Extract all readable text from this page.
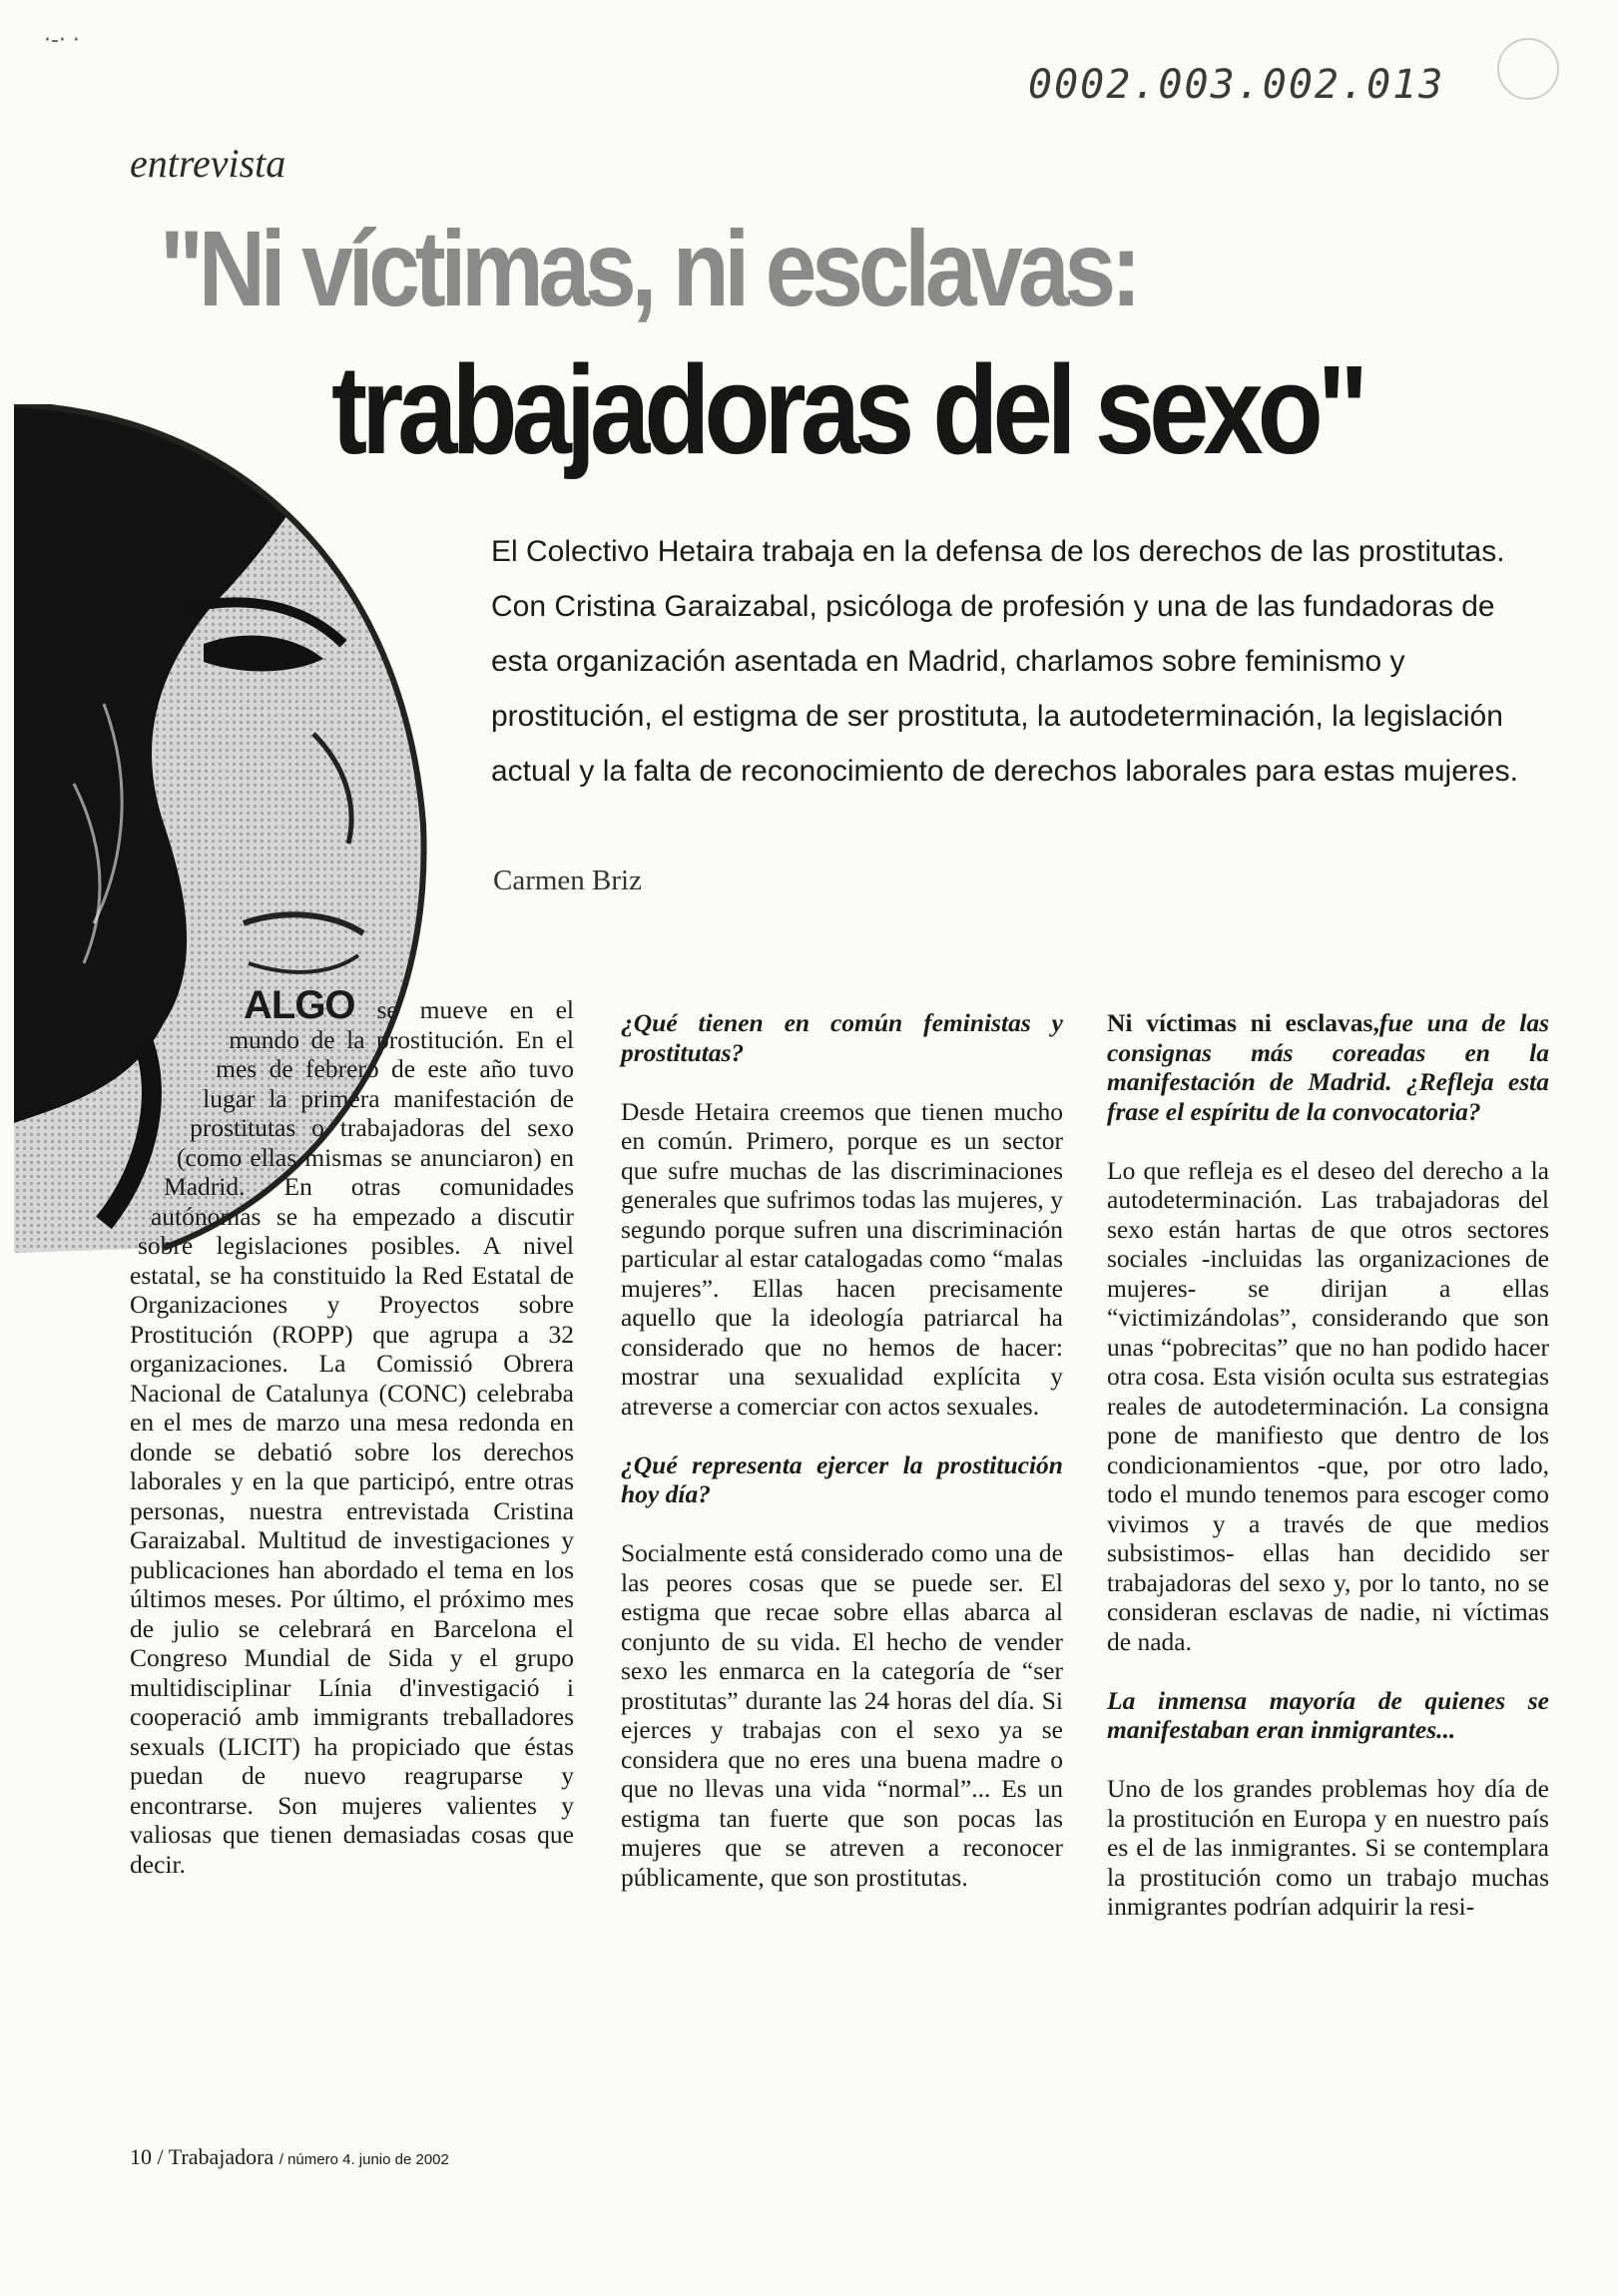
·-· ·
0002.003.002.013
entrevista
"Ni víctimas, ni esclavas:
trabajadoras del sexo"
El Colectivo Hetaira trabaja en la defensa de los derechos de las prostitutas. Con Cristina Garaizabal, psicóloga de profesión y una de las fundadoras de esta organización asentada en Madrid, charlamos sobre feminismo y prostitución, el estigma de ser prostituta, la autodeterminación, la legislación actual y la falta de reconocimiento de derechos laborales para estas mujeres.
Carmen Briz

ALGO se mueve en el mundo de la prostitución. En el mes de febrero de este año tuvo lugar la primera manifestación de prostitutas o trabajadoras del sexo (como ellas mismas se anunciaron) en Madrid. En otras comunidades autónomas se ha empezado a discutir sobre legislaciones posibles. A nivel estatal, se ha constituido la Red Estatal de Organizaciones y Proyectos sobre Prostitución (ROPP) que agrupa a 32 organizaciones. La Comissió Obrera Nacional de Catalunya (CONC) celebraba en el mes de marzo una mesa redonda en donde se debatió sobre los derechos laborales y en la que participó, entre otras personas, nuestra entrevistada Cristina Garaizabal. Multitud de investigaciones y publicaciones han abordado el tema en los últimos meses. Por último, el próximo mes de julio se celebrará en Barcelona el Congreso Mundial de Sida y el grupo multidisciplinar Línia d'investigació i cooperació amb immigrants treballadores sexuals (LICIT) ha propiciado que éstas puedan de nuevo reagruparse y encontrarse. Son mujeres valientes y valiosas que tienen demasiadas cosas que decir.

¿Qué tienen en común feministas y prostitutas?

Desde Hetaira creemos que tienen mucho en común. Primero, porque es un sector que sufre muchas de las discriminaciones generales que sufrimos todas las mujeres, y segundo porque sufren una discriminación particular al estar catalogadas como “malas mujeres”. Ellas hacen precisamente aquello que la ideología patriarcal ha considerado que no hemos de hacer: mostrar una sexualidad explícita y atreverse a comerciar con actos sexuales.

¿Qué representa ejercer la prostitución hoy día?

Socialmente está considerado como una de las peores cosas que se puede ser. El estigma que recae sobre ellas abarca al conjunto de su vida. El hecho de vender sexo les enmarca en la categoría de “ser prostitutas” durante las 24 horas del día. Si ejerces y trabajas con el sexo ya se considera que no eres una buena madre o que no llevas una vida “normal”... Es un estigma tan fuerte que son pocas las mujeres que se atreven a reconocer públicamente, que son prostitutas.

Ni víctimas ni esclavas,fue una de las consignas más coreadas en la manifestación de Madrid. ¿Refleja esta frase el espíritu de la convocatoria?

Lo que refleja es el deseo del derecho a la autodeterminación. Las trabajadoras del sexo están hartas de que otros sectores sociales -incluidas las organizaciones de mujeres- se dirijan a ellas “victimizándolas”, considerando que son unas “pobrecitas” que no han podido hacer otra cosa. Esta visión oculta sus estrategias reales de autodeterminación. La consigna pone de manifiesto que dentro de los condicionamientos -que, por otro lado, todo el mundo tenemos para escoger como vivimos y a través de que medios subsistimos- ellas han decidido ser trabajadoras del sexo y, por lo tanto, no se consideran esclavas de nadie, ni víctimas de nada.

La inmensa mayoría de quienes se manifestaban eran inmigrantes...

Uno de los grandes problemas hoy día de la prostitución en Europa y en nuestro país es el de las inmigrantes. Si se contemplara la prostitución como un trabajo muchas inmigrantes podrían adquirir la resi-

10 / Trabajadora / número 4. junio de 2002
